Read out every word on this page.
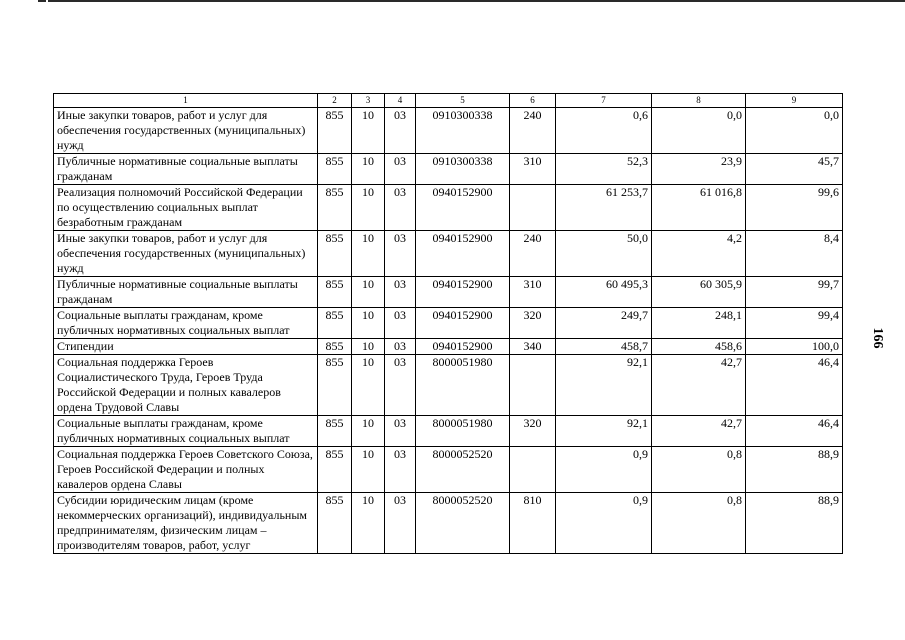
1	2	3	4	5	6	7	8	9
Иные закупки товаров, работ и услуг для обеспечения государственных (муниципальных) нужд	855	10	03	0910300338	240	0,6	0,0	0,0
Публичные нормативные социальные выплаты гражданам	855	10	03	0910300338	310	52,3	23,9	45,7
Реализация полномочий Российской Федерации по осуществлению социальных выплат безработным гражданам	855	10	03	0940152900		61 253,7	61 016,8	99,6
Иные закупки товаров, работ и услуг для обеспечения государственных (муниципальных) нужд	855	10	03	0940152900	240	50,0	4,2	8,4
Публичные нормативные социальные выплаты гражданам	855	10	03	0940152900	310	60 495,3	60 305,9	99,7
Социальные выплаты гражданам, кроме публичных нормативных социальных выплат	855	10	03	0940152900	320	249,7	248,1	99,4
Стипендии	855	10	03	0940152900	340	458,7	458,6	100,0
Социальная поддержка Героев Социалистического Труда, Героев Труда Российской Федерации и полных кавалеров ордена Трудовой Славы	855	10	03	8000051980		92,1	42,7	46,4
Социальные выплаты гражданам, кроме публичных нормативных социальных выплат	855	10	03	8000051980	320	92,1	42,7	46,4
Социальная поддержка Героев Советского Союза, Героев Российской Федерации и полных кавалеров ордена Славы	855	10	03	8000052520		0,9	0,8	88,9
Субсидии юридическим лицам (кроме некоммерческих организаций), индивидуальным предпринимателям, физическим лицам – производителям товаров, работ, услуг	855	10	03	8000052520	810	0,9	0,8	88,9
166
